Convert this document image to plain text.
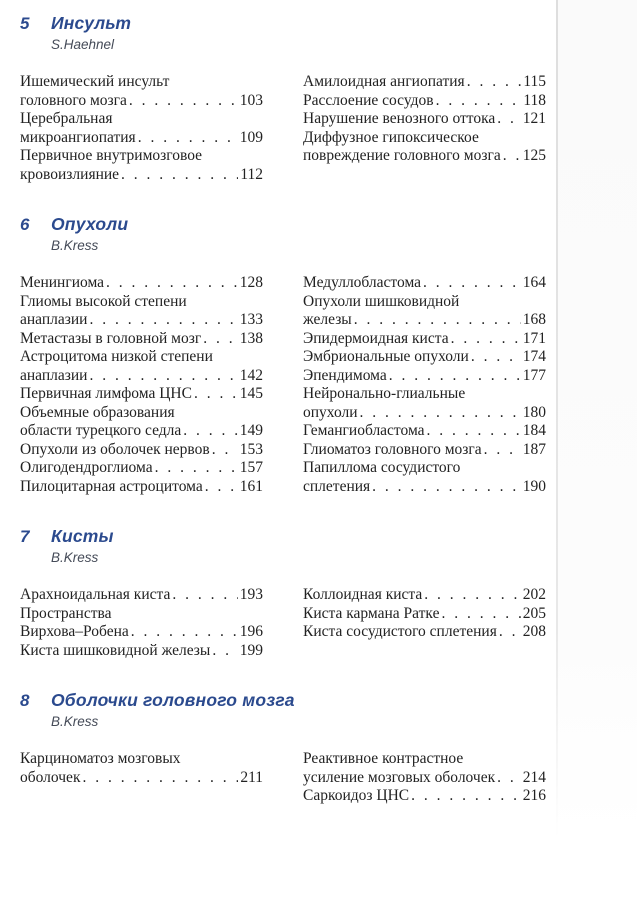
5	Инсульт
S.Haehnel
Ишемический инсульт
головного мозга . . .	103
Церебральная
микроангиопатия . . .	109
Первичное внутримозговое
кровоизлияние . . .	112
Амилоидная ангиопатия . . .	115
Расслоение сосудов . . .	118
Нарушение венозного оттока . . . 121
Диффузное гипоксическое
повреждение головного мозга . . . 125
6	Опухоли
B.Kress
Менингиома . . .	128
Глиомы высокой степени
анаплазии . . .	133
Метастазы в головной мозг . . . 138
Астроцитома низкой степени
анаплазии . . .	142
Первичная лимфома ЦНС . . .	145
Объемные образования
области турецкого седла . . .	149
Опухоли из оболочек нервов . . . 153
Олигодендроглиома . . .	157
Пилоцитарная астроцитома . . . 161
Медуллобластома . . .	164
Опухоли шишковидной
железы . . .	168
Эпидермоидная киста . . .	171
Эмбриональные опухоли . . .	174
Эпендимома . . .	177
Нейронально-глиальные
опухоли . . .	180
Гемангиобластома . . .	184
Глиоматоз головного мозга . . .	187
Папиллома сосудистого
сплетения . . .	190
7	Кисты
B.Kress
Арахноидальная киста . . .	193
Пространства
Вирхова–Робена . . .	196
Киста шишковидной железы . . . 199
Коллоидная киста . . .	202
Киста кармана Ратке . . .	205
Киста сосудистого сплетения . . . 208
8	Оболочки головного мозга
B.Kress
Карциноматоз мозговых
оболочек . . .	211
Реактивное контрастное
усиление мозговых оболочек . . . 214
Саркоидоз ЦНС . . .	216
